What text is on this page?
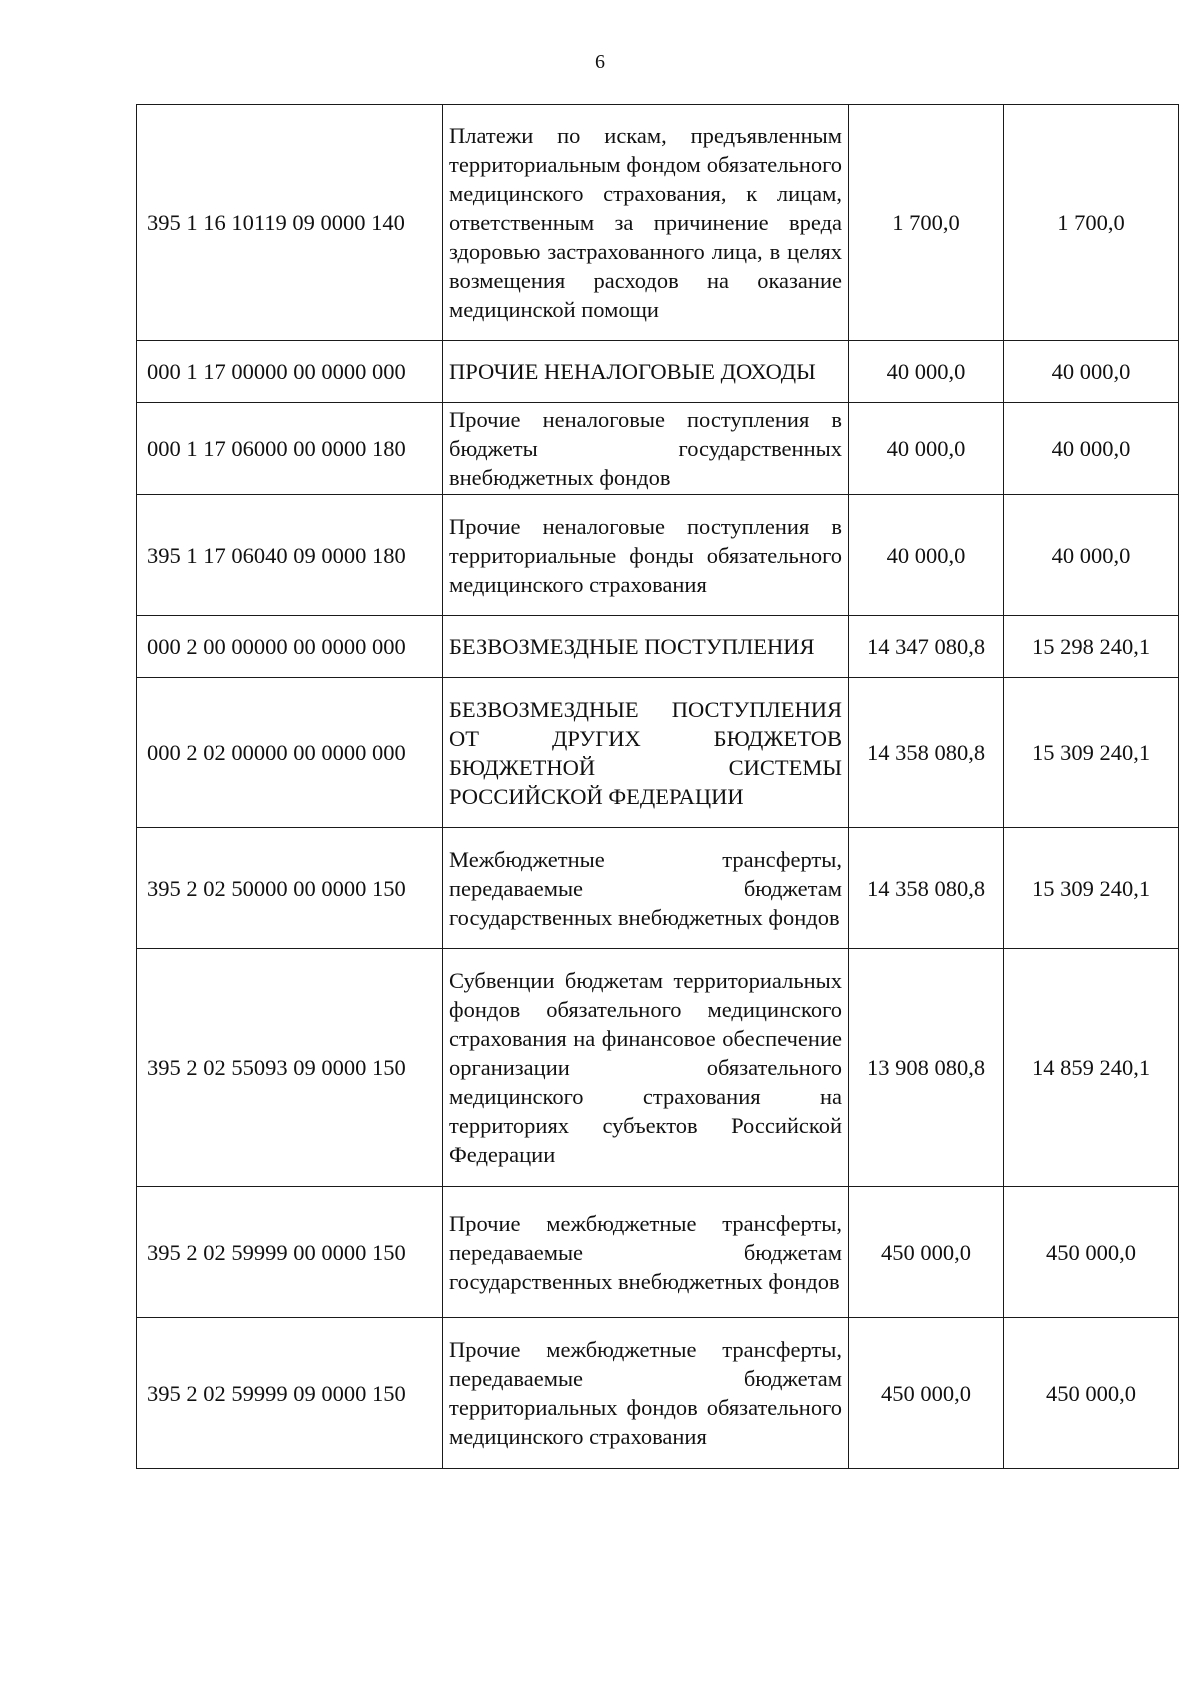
6
395 1 16 10119 09 0000 140	Платежи по искам, предъявленным территориальным фондом обязательного медицинского страхования, к лицам, ответственным за причинение вреда здоровью застрахованного лица, в целях возмещения расходов на оказание медицинской помощи	1 700,0	1 700,0
000 1 17 00000 00 0000 000	ПРОЧИЕ НЕНАЛОГОВЫЕ ДОХОДЫ	40 000,0	40 000,0
000 1 17 06000 00 0000 180	Прочие неналоговые поступления в бюджеты государственных внебюджетных фондов	40 000,0	40 000,0
395 1 17 06040 09 0000 180	Прочие неналоговые поступления в территориальные фонды обязательного медицинского страхования	40 000,0	40 000,0
000 2 00 00000 00 0000 000	БЕЗВОЗМЕЗДНЫЕ ПОСТУПЛЕНИЯ	14 347 080,8	15 298 240,1
000 2 02 00000 00 0000 000	БЕЗВОЗМЕЗДНЫЕ ПОСТУПЛЕНИЯ ОТ ДРУГИХ БЮДЖЕТОВ БЮДЖЕТНОЙ СИСТЕМЫ РОССИЙСКОЙ ФЕДЕРАЦИИ	14 358 080,8	15 309 240,1
395 2 02 50000 00 0000 150	Межбюджетные трансферты, передаваемые бюджетам государственных внебюджетных фондов	14 358 080,8	15 309 240,1
395 2 02 55093 09 0000 150	Субвенции бюджетам территориальных фондов обязательного медицинского страхования на финансовое обеспечение организации обязательного медицинского страхования на территориях субъектов Российской Федерации	13 908 080,8	14 859 240,1
395 2 02 59999 00 0000 150	Прочие межбюджетные трансферты, передаваемые бюджетам государственных внебюджетных фондов	450 000,0	450 000,0
395 2 02 59999 09 0000 150	Прочие межбюджетные трансферты, передаваемые бюджетам территориальных фондов обязательного медицинского страхования	450 000,0	450 000,0
